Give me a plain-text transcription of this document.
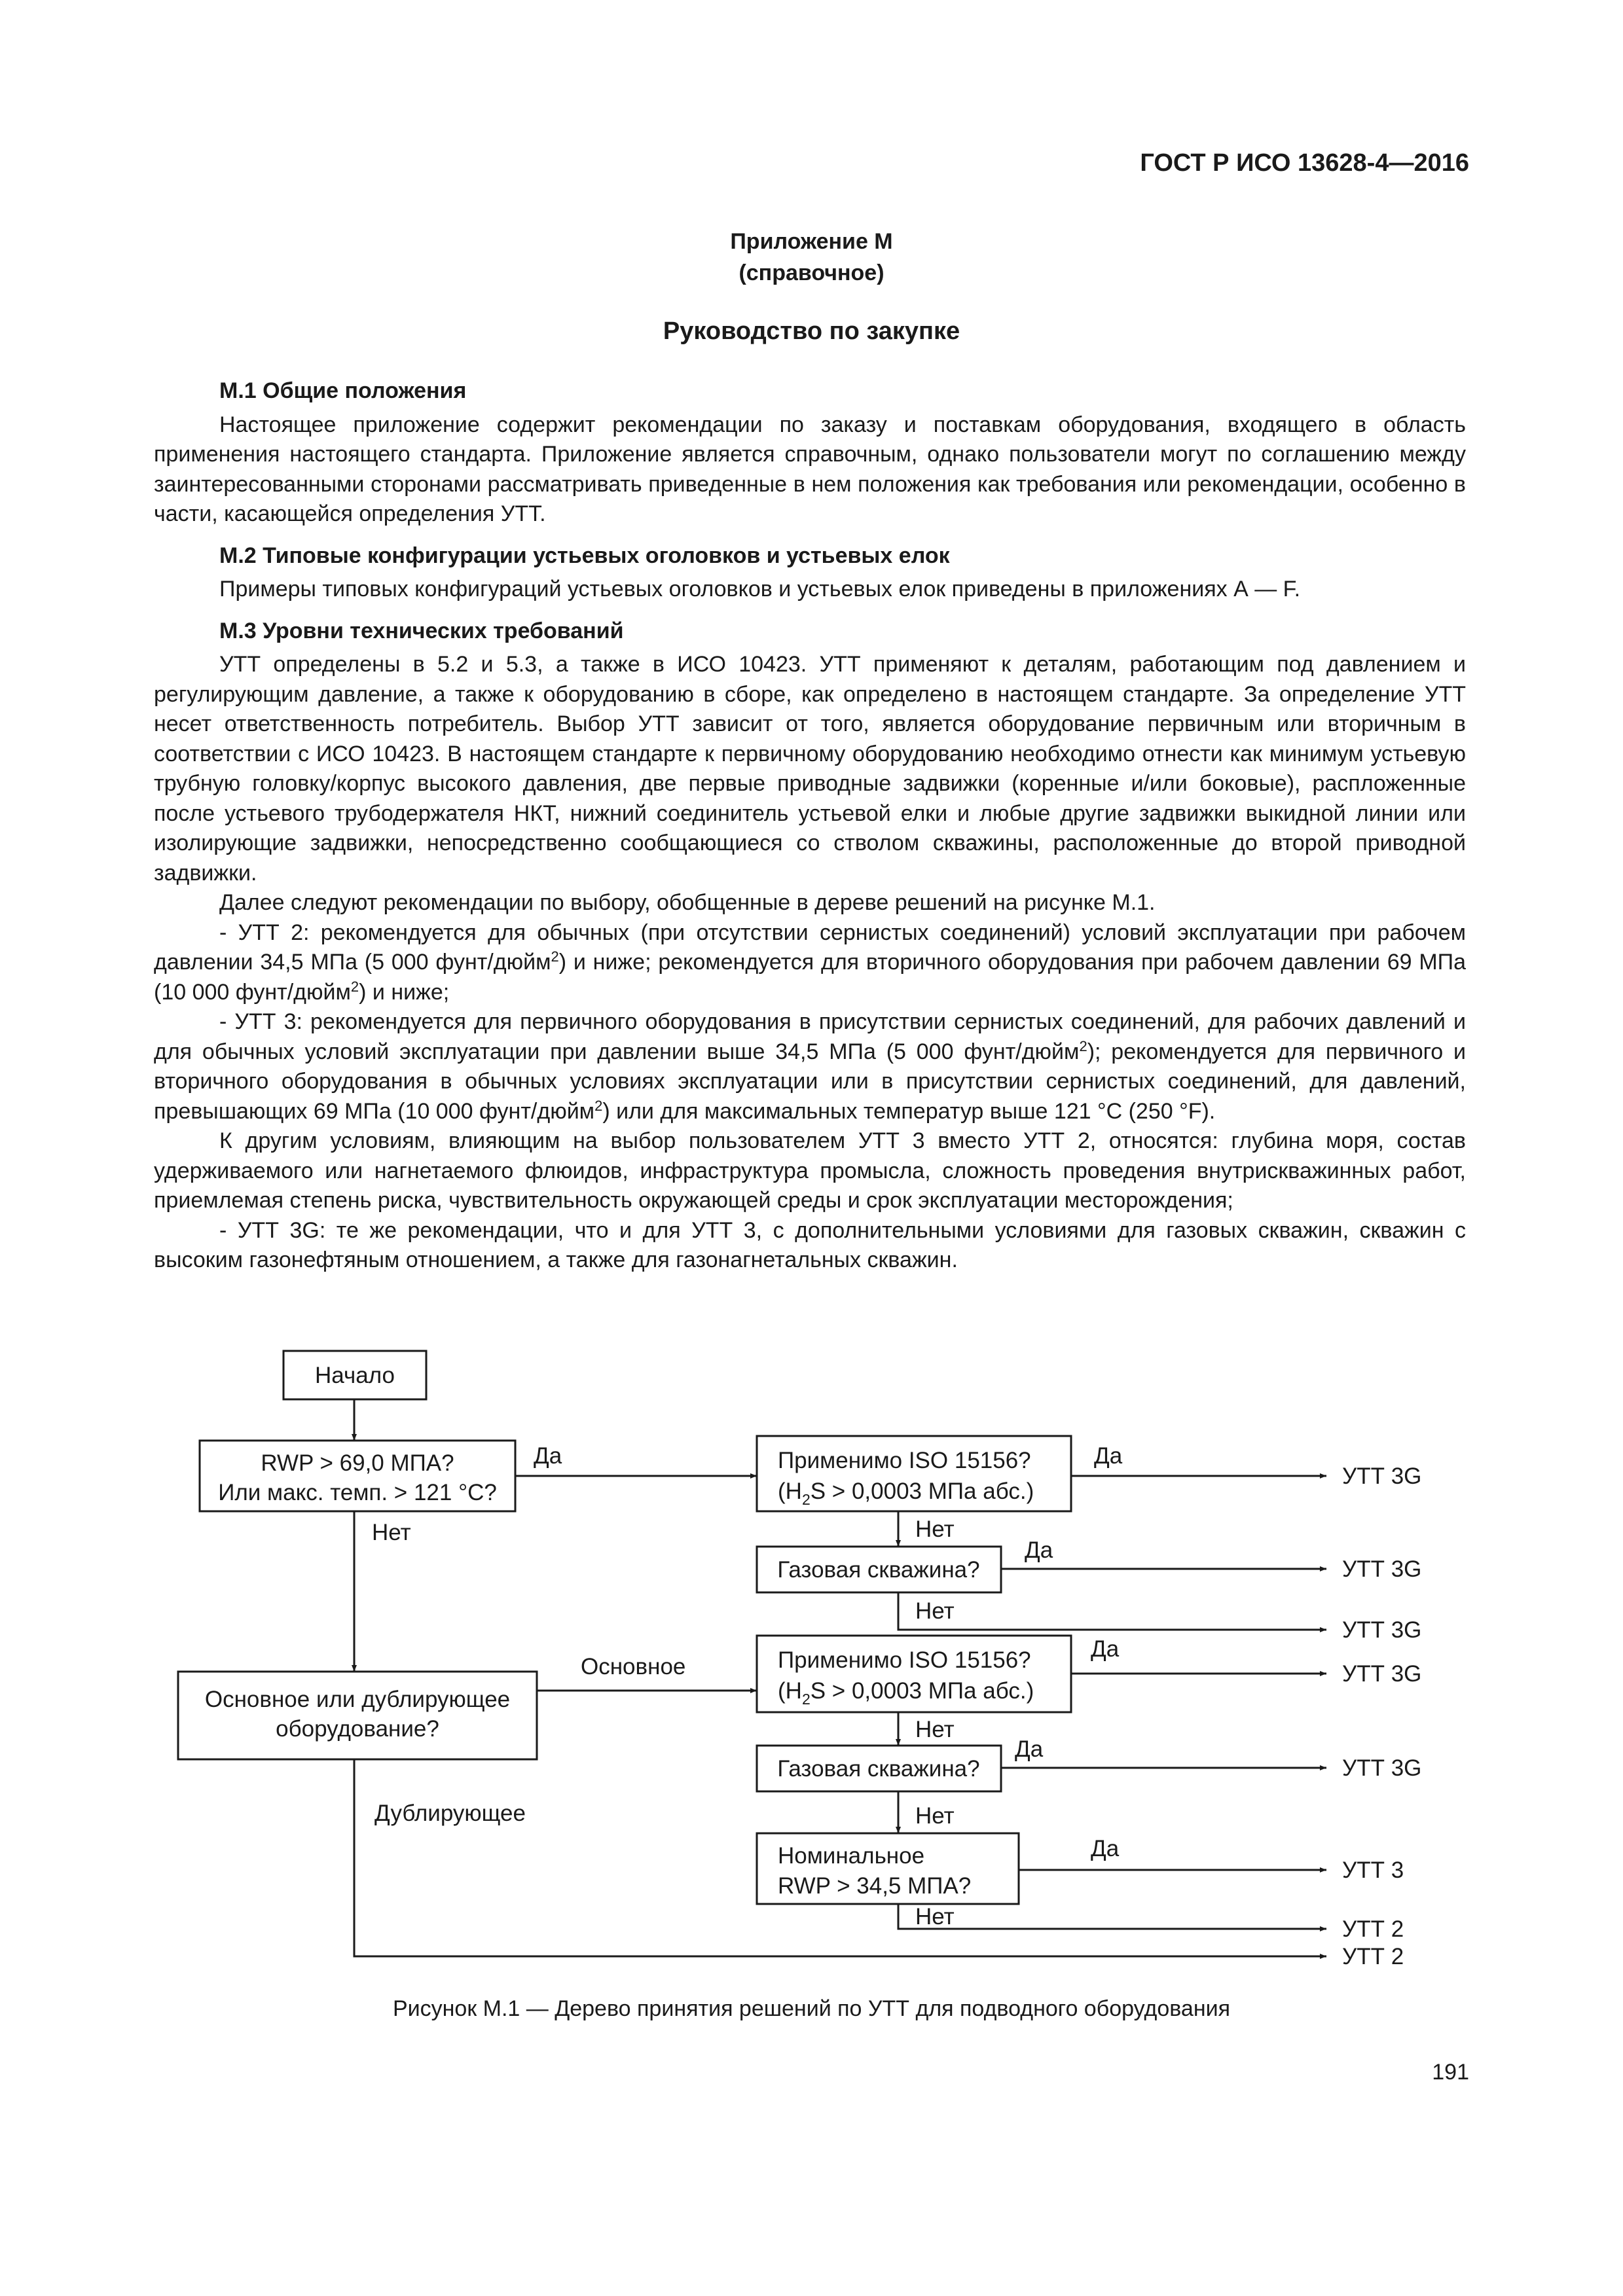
ГОСТ Р ИСО 13628-4—2016
Приложение М
(справочное)
Руководство по закупке
М.1 Общие положения

Настоящее приложение содержит рекомендации по заказу и поставкам оборудования, входящего в область применения настоящего стандарта. Приложение является справочным, однако пользователи могут по соглашению между заинтересованными сторонами рассматривать приведенные в нем положения как требования или рекомендации, особенно в части, касающейся определения УТТ.

М.2 Типовые конфигурации устьевых оголовков и устьевых елок

Примеры типовых конфигураций устьевых оголовков и устьевых елок приведены в приложениях А — F.

М.3 Уровни технических требований

УТТ определены в 5.2 и 5.3, а также в ИСО 10423. УТТ применяют к деталям, работающим под давлением и регулирующим давление, а также к оборудованию в сборе, как определено в настоящем стандарте. За определение УТТ несет ответственность потребитель. Выбор УТТ зависит от того, является оборудование первичным или вторичным в соответствии с ИСО 10423. В настоящем стандарте к первичному оборудованию необходимо отнести как минимум устьевую трубную головку/корпус высокого давления, две первые приводные задвижки (коренные и/или боковые), распложенные после устьевого трубодержателя НКТ, нижний соединитель устьевой елки и любые другие задвижки выкидной линии или изолирующие задвижки, непосредственно сообщающиеся со стволом скважины, расположенные до второй приводной задвижки.

Далее следуют рекомендации по выбору, обобщенные в дереве решений на рисунке М.1.

- УТТ 2: рекомендуется для обычных (при отсутствии сернистых соединений) условий эксплуатации при рабочем давлении 34,5 МПа (5 000 фунт/дюйм$^2$) и ниже; рекомендуется для вторичного оборудования при рабочем давлении 69 МПа (10 000 фунт/дюйм$^2$) и ниже;

- УТТ 3: рекомендуется для первичного оборудования в присутствии сернистых соединений, для рабочих давлений и для обычных условий эксплуатации при давлении выше 34,5 МПа (5 000 фунт/дюйм$^2$); рекомендуется для первичного и вторичного оборудования в обычных условиях эксплуатации или в присутствии сернистых соединений, для давлений, превышающих 69 МПа (10 000 фунт/дюйм$^2$) или для максимальных температур выше 121 °C (250 °F).

К другим условиям, влияющим на выбор пользователем УТТ 3 вместо УТТ 2, относятся: глубина моря, состав удерживаемого или нагнетаемого флюидов, инфраструктура промысла, сложность проведения внутрискважинных работ, приемлемая степень риска, чувствительность окружающей среды и срок эксплуатации месторождения;

- УТТ 3G: те же рекомендации, что и для УТТ 3, с дополнительными условиями для газовых скважин, скважин с высоким газонефтяным отношением, а также для газонагнетальных скважин.

Начало
RWP > 69,0 МПА?
Или макс. темп. > 121 °C?
Применимо ISO 15156?
($H_2S > 0,0003$ МПа абс.)
Газовая скважина?
Применимо ISO 15156?
($H_2S > 0,0003$ МПа абс.)
Основное или дублирующее
оборудование?
Газовая скважина?
Номинальное
RWP > 34,5 МПА?
Да
Нет
Да
Нет
Да
Нет
Основное
Да
Нет
Да
Дублирующее	Нет
Да
Нет
УТТ 3G
УТТ 3G
УТТ 3G
УТТ 3G
УТТ 3G
УТТ 3
УТТ 2
УТТ 2
Рисунок М.1 — Дерево принятия решений по УТТ для подводного оборудования
191
